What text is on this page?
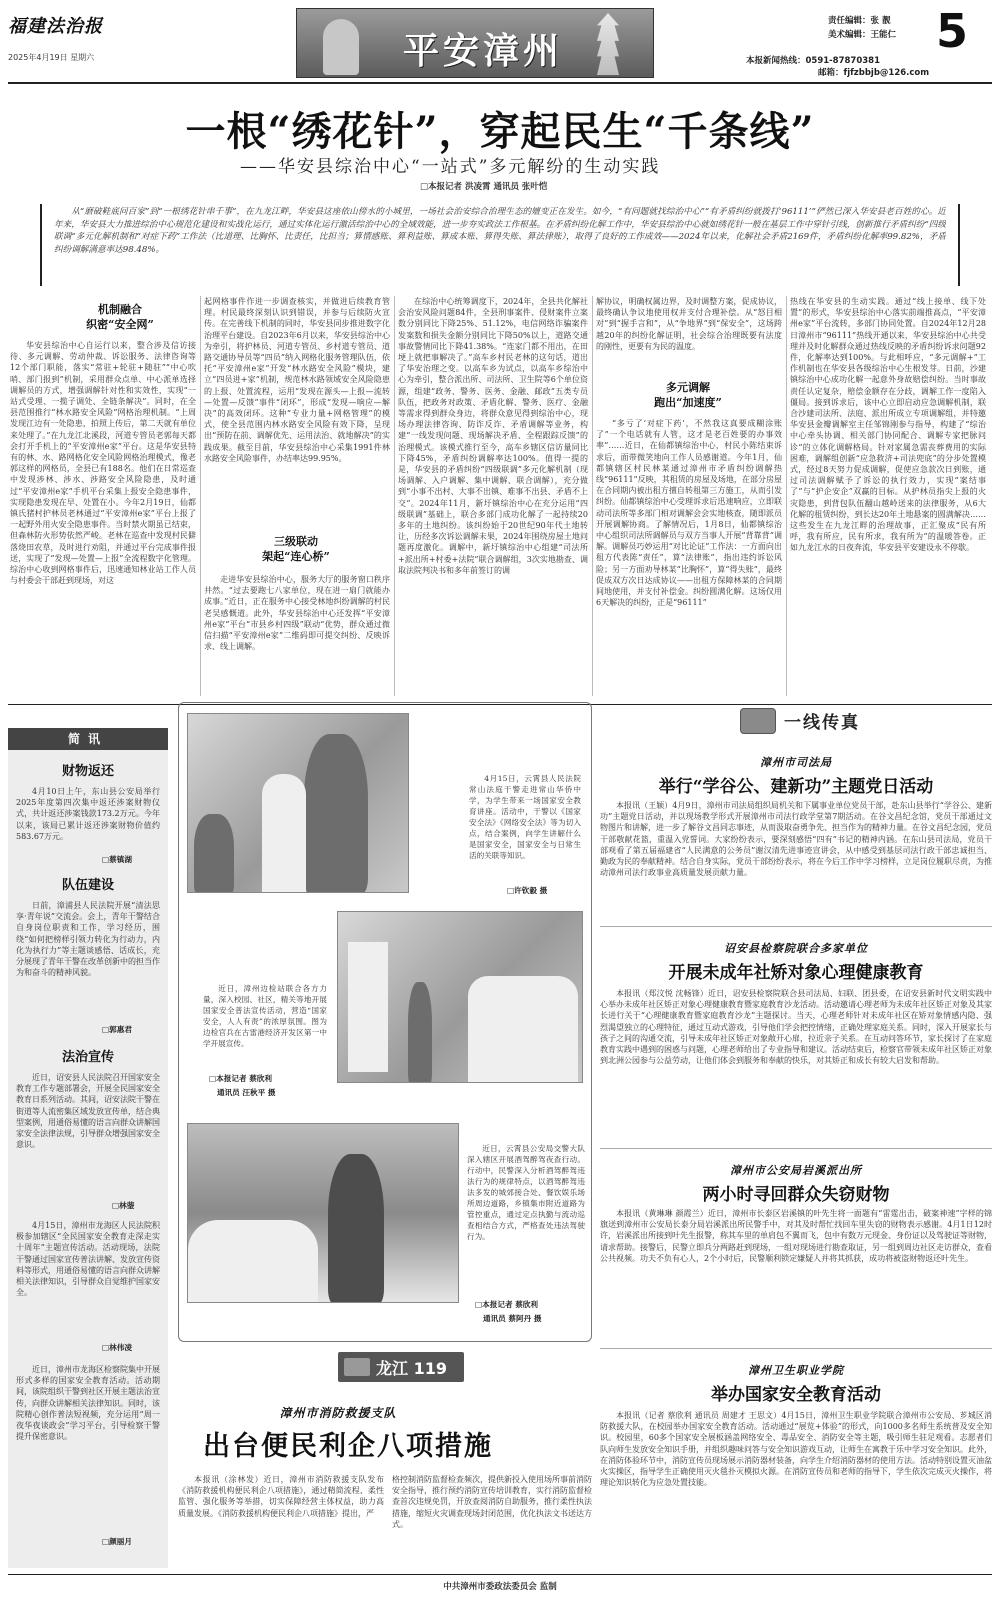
福建法治报
2025年4月19日 星期六	平安漳州
责任编辑：张 靓
美术编辑：王能仁 5
本报新闻热线：0591-87870381
邮箱：fjfzbbjb@126.com
一根“绣花针”，穿起民生“千条线”
——华安县综治中心“一站式”多元解纷的生动实践
□本报记者 洪凌霄 通讯员 张叶恺
从“磨破鞋底问百家”到“一根绣花针串千事”，在九龙江畔，华安县这座依山傍水的小城里，一场社会治安综合治理生态的嬗变正在发生。如今，“有问题就找综治中心”“有矛盾纠纷就拨打‘96111’”俨然已深入华安县老百姓的心。近年来，华安县大力推进综治中心规范化建设和实战化运行，通过实体化运行激活综治中心的全域效能，进一步夯实政法工作根基。在矛盾纠纷化解工作中，华安县综治中心就如绣花针一般在基层工作中穿针引线，创新推行矛盾纠纷“四级联调”多元化解机制和“对症下药”工作法（比道理、比胸怀、比责任，比担当；算情感账、算利益账、算成本账、算得失账、算法律账），取得了良好的工作成效——2024年以来，化解社会矛盾2169件，矛盾纠纷化解率99.82%，矛盾纠纷调解满意率达98.48%。
机制融合
织密“安全网”
华安县综治中心自运行以来，整合涉及信访接待、多元调解、劳动仲裁、诉讼服务、法律咨询等12个部门职能，落实“常驻+轮驻+随驻”“中心吹哨、部门报到”机制，采用群众点单、中心派单选择调解员的方式，增强调解针对性和实效性，实现“一站式受理、一揽子调处、全链条解决”。同时，在全县范围推行“林水路安全风险”网格治理机制。“上周发现江边有一处隐患，拍照上传后，第二天就有单位来处理了。”在九龙江北溪段，河道专管员老郭每天都会打开手机上的“平安漳州e家”平台。这是华安县特有的林、水、路网格化安全风险网格治理模式，像老郭这样的网格员，全县已有188名。他们在日常巡查中发现涉林、涉水、涉路安全风险隐患，及时通过“平安漳州e家”手机平台采集上报安全隐患事件，实现隐患发现在早、处置在小。今年2月19日，仙都镇氏猪村护林员老林通过“平安漳州e家”平台上报了一起野外用火安全隐患事件。当时禁火期虽已结束，但森林防火形势依然严峻。老林在巡查中发现村民僻落烧田农草，及时进行劝阻，并通过平台完成事件报送，实现了“发现—处置—上报”全流程数字化管理。综治中心收到网格事件后，迅速通知林业站工作人员与村委会干部赶到现场，对这
起网格事件作进一步调查核实，并做进后续教育管理。村民最终深刻认识到错误，并参与后续防火宣传。在完善线下机制的同时，华安县同步推进数字化治理平台建设。自2023年6月以来，华安县综治中心为牵引，将护林员、河道专管员、乡村道专管员、道路交通协导员等“四员”纳入网格化服务管理队伍，依托“平安漳州e家”开发“林水路安全风险”模块，建立“四员进+家”机制，规范林水路领域安全风险隐患的上报、处置流程，运用“发现在源头—上报—流转—处置—反馈”事件“闭环”，形成“发现—响应—解决”的高效闭环。这种“专业力量+网格管理”的模式，使全县范围内林水路安全风险有效下降，呈现出“预防在前、调解优先、运用法治、就地解决”的实践成果。截至目前，华安县综治中心采集1991件林水路安全风险事件，办结率达99.95%。
三级联动
架起“连心桥”
走进华安县综治中心，服务大厅的服务窗口秩序井然。“过去要跑七八家单位，现在进一扇门就能办成事。”近日，正在服务中心接受林地纠纷调解的村民老吴感慨道。此外，华安县综治中心还发挥“平安漳州e家”平台“市县乡村四级”联动“优势，群众通过微信扫描“平安漳州e家”二维码即可提交纠纷、反映诉求、线上调解。
在综治中心统筹调度下，2024年，全县共化解社会治安风险问题84件，全县刑事案件、侵财案件立案数分别同比下降25%、51.12%，电信网络诈骗案件发案数和损失金额分别同比下降50%以上，道路交通事故警情同比下降41.38%。“连家门都不用出，在田埂上就把事解决了。”高车乡村民老林的这句话，道出了华安治理之变。以高车乡为试点，以高车乡综治中心为牵引，整合派出所、司法所、卫生院等6个单位资源，组建“政务、警务、医务、金融、邮政”五类专员队伍，把政务对政策、矛盾化解、警务、医疗、金融等需求得到群众身边，将群众意见得到综治中心，现场办理法律咨询、防诈反诈、矛盾调解等业务，构建“一线发现问题、现场解决矛盾、全程跟踪反馈”的治理模式。该模式推行至今，高车乡辖区信访量同比下降45%，矛盾纠纷调解率达100%。值得一提的是，华安县的矛盾纠纷“四级联调”多元化解机制（现场调解、入户调解、集中调解、联合调解），充分做到“小事不出村、大事不出镇、难事不出县、矛盾不上交”。2024年11月，新圩镇综治中心在充分运用“四级联调”基础上，联合多部门成功化解了一起持续20多年的土地纠纷。该纠纷始于20世纪90年代土地转让，历经多次诉讼调解未果，2024年围绕房屋土地问题再度激化。调解中，新圩镇综治中心组建“司法所+派出所+村委+法院”联合调解组，3次实地勘查、调取法院判决书和多年前签订的调
解协议，明确权属边界，及时调整方案，促成协议，最终确认争议地使用权并支付合理补偿。从“怒目相对”到“握手言和”，从“争地界”到“保安全”，这场跨越20年的纠纷化解证明，社会综合治理既要有法度的刚性，更要有为民的温度。
多元调解
跑出“加速度”
“多亏了‘对症下药’，不然我这真要成糊涂账了”一个电话就有人管，这才是老百姓要的办事效率”……近日，在仙都镇综治中心，村民小陈结束诉求后，面带微笑地向工作人员感谢道。今年1月，仙都镇辖区村民林某通过漳州市矛盾纠纷调解热线“96111”反映，其租赁的房屋及场地，在部分房屋在合同期内被出租方擅自转租第三方施工，从而引发纠纷。仙都镇综治中心受理诉求后迅速响应，立即联动司法所等多部门相对调解会会实地核查，随即派员开展调解协商。了解情况后，1月8日，仙都镇综治中心组织司法所调解员与双方当事人开展“背靠背”调解。调解员巧妙运用“对比论证”工作法：一方面向出租方代表陈“责任”，算“法律账”，指出违约诉讼风险；另一方面劝导林某“比胸怀”，算“得失账”，最终促成双方次日达成协议——出租方保障林某的合同期间地使用，并支付补偿金。纠纷圆满化解。这场仅用6天解决的纠纷，正是“96111”
热线在华安县的生动实践。通过“线上接单、线下处置”的形式，华安县综治中心落实前端推高点，“平安漳州e家”平台流转，多部门协同处置。自2024年12月28日漳州市“96111”热线开通以来，华安县综治中心共受理并及时化解群众通过热线反映的矛盾纠纷诉求问题92件，化解率达到100%。与此相呼应，“多元调解+”工作机制也在华安县各级综治中心生根发芽。日前，沙建镇综治中心成功化解一起意外身故赔偿纠纷。当时事故责任认定复杂，赔偿金额存在分歧，调解工作一度陷入僵局。接到诉求后，该中心立即启动应急调解机制，联合沙建司法所、法庭、派出所成立专项调解组，并特邀华安县金瓣调解室主任邹锦刚参与指导，构建了“综治中心牵头协调、相关部门协同配合、调解专家把脉问诊”的立体化调解格局。针对家属急需丧葬费用的实际困难，调解组创新“应急救济+司法兜底”的分步处置模式，经过8天努力促成调解，促使应急款次日到账，通过司法调解赋予了诉讼的执行效力，实现“案结事了”与“护企安企”双赢的目标。从护林员指尖上报的火灾隐患，到背包队伍翻山越岭送来的法律服务，从6大化解的租赁纠纷，到长达20年土地悬案的圆满解决……这些发生在九龙江畔的治理故事，正汇聚成“民有所呼，我有所应，民有所求，我有所为”的温暖答卷。正如九龙江水的日夜奔流，华安县平安建设永不停歇。
简讯
财物返还
4月10日上午，东山县公安局举行2025年度第四次集中返还涉案财物仪式，共计返还涉案钱款173.2万元。今年以来，该局已累计返还涉案财物价值约583.67万元。
□蔡镇湖
队伍建设
日前，漳浦县人民法院开展“清法思享·青年说”交流会。会上，青年干警结合自身岗位职责和工作，学习经历，围绕“如何把榜样引领力转化为行动力，内化为执行力”等主题谈感悟、话成长，充分展现了青年干警在改革创新中的担当作为和奋斗的精神风貌。
□郭惠君
法治宣传
近日，诏安县人民法院召开国家安全教育工作专题部署会，开展全民国家安全教育日系列活动。其间，诏安法院干警在街道等人流密集区域发放宣传单，结合典型案例，用通俗易懂的语言向群众讲解国家安全法律法规，引导群众增强国家安全意识。
□林蓥
4月15日，漳州市龙海区人民法院积极参加辖区“全民国家安全教育走深走实十周年”主题宣传活动。活动现场，法院干警通过国家宣传普法讲解、发放宣传资料等形式，用通俗易懂的语言向群众讲解相关法律知识，引导群众自觉维护国家安全。
□林伟凌
近日，漳州市龙海区检察院集中开展形式多样的国家安全教育活动。活动期间，该院组织干警到社区开展主题法治宣传，向群众讲解相关法律知识。同时，该院精心创作普法短视频，充分运用“周一夜华夜谈政会”学习平台，引导检察干警提升保密意识。
□颜丽月
4月15日，云霄县人民法院常山法庭干警走进常山华侨中学，为学生带来一场国家安全教育讲座。活动中，干警以《国家安全法》《网络安全法》等为切入点，结合案例，向学生讲解什么是国家安全，国家安全与日常生活的关联等知识。
□许钦毅 摄
近日，漳州边检站联合各方力量，深入校园、社区，精关等地开展国家安全普法宣传活动，营造“国家安全，人人有责”的浓厚氛围。图为边检官兵在古雷港经济开发区第一中学开展宣传。
□本报记者 蔡欣利
通讯员 汪秋平 摄
近日，云霄县公安局交警大队深入辖区开展酒驾醉驾夜查行动。行动中，民警深入分析酒驾醉驾违法行为的规律特点，以酒驾醉驾违法多发的城郊接合处、餐饮娱乐场所周边道路，乡镇集市附近道路为管控重点，通过定点执勤与流动巡查相结合方式，严格查处违法驾驶行为。
□本报记者 蔡欣利
通讯员 蔡阿丹 摄
龙江 119
漳州市消防救援支队
出台便民利企八项措施
本报讯（涂林发）近日，漳州市消防救援支队发布《消防救援机构便民利企八项措施》，通过精简流程、柔性监管、强化服务等举措，切实保障经营主体权益，助力高质量发展。《消防救援机构便民利企八项措施》提出，严
格控制消防监督检查频次，提供新投入使用场所事前消防安全指导，推行预约消防宣传培训教育，实行消防监督检查首次违规免罚，开放查阅消防自助服务，推行柔性执法措施，缩短火灾调查现场封闭范围，优化执法文书送达方式。
一线传真
漳州市司法局
举行“学谷公、建新功”主题党日活动
本报讯（王颖）4月9日，漳州市司法局组织局机关和下属事业单位党员干部，赴东山县举行“学谷公、建新功”主题党日活动，并以现场教学形式开展漳州市司法行政学堂第7期活动。在谷文昌纪念馆，党员干部通过文物图片和讲解，进一步了解谷文昌同志事迹，从而汲取奋勇争先、担当作为的精神力量。在谷文昌纪念园，党员干部敬献花篮，重温入党誓词。大家纷纷表示，要深刻感悟“四有”书记的精神内涵。在东山县司法局，党员干部观看了第五届福建省“人民满意的公务员”谢汉清先进事迹宣讲会，从中感受到基层司法行政干部忠诚担当、勤政为民的奉献精神。结合自身实际，党员干部纷纷表示，将在今后工作中学习榜样，立足岗位履职尽责，为推动漳州司法行政事业高质量发展贡献力量。
诏安县检察院联合多家单位
开展未成年社矫对象心理健康教育
本报讯（郑汶悦 沈畅锋）近日，诏安县检察院联合县司法局、妇联、团县委，在诏安县新时代文明实践中心举办未成年社区矫正对象心理健康教育暨家庭教育沙龙活动。活动邀请心理老师为未成年社区矫正对象及其家长进行关于“心理健康教育暨家庭教育沙龙”主题探讨。当天，心理老师针对未成年社区在矫对象情感内隐、强烈渴望独立的心理特征，通过互动式游戏，引导他们学会把控情绪，正确处理家庭关系。同时，深入开展家长与孩子之间的沟通交流，引导未成年社区矫正对象敞开心扉，拉近亲子关系。在互动问答环节，家长探讨了在家庭教育实践中遇到的困惑与问题，心理老师给出了专业指导和建议。活动结束后，检察官带领未成年社区矫正对象到北洲公园参与公益劳动，让他们体会到服务和奉献的快乐，对其矫正和成长有较大启发和帮助。
漳州市公安局岩溪派出所
两小时寻回群众失窃财物
本报讯（黄琳琳 颜霞兰）近日，漳州市长泰区岩溪镇的叶先生将一面题有“雷霆出击，破案神速”字样的锦旗送到漳州市公安局长泰分局岩溪派出所民警手中，对其及时帮忙找回车里失窃的财物表示感谢。4月1日12时许，岩溪派出所接到叶先生报警，称其车里的单肩包不翼而飞，包中有数万元现金、身份证以及驾驶证等财物，请求帮助。接警后，民警立即兵分两路赶到现场，一组对现场进行勘查取证，另一组到周边社区走访群众，查看公共视频。功夫不负有心人，2个小时后，民警顺利锁定嫌疑人并将其抓获，成功将被盗财物返还叶先生。
漳州卫生职业学院
举办国家安全教育活动
本报讯（记者 蔡欣利 通讯员 周建才 王思文）4月15日，漳州卫生职业学院联合漳州市公安局、芗城区消防救援大队，在校园举办国家安全教育活动。活动通过“展览+体验”的形式，向1000多名师生系统普及安全知识。校园里，60多个国家安全展板涵盖网络安全、毒品安全、消防安全等主题，吸引师生驻足观看。志愿者们队向师生发放安全知识手册，并组织趣味问答与安全知识游戏互动，让师生在寓教于乐中学习安全知识。此外，在消防体验环节中，消防宣传员现场展示消防器材装备，向学生介绍消防器材的使用方法。活动特别设置灭油盆火实操区，指导学生正确使用灭火毯扑灭模拟火源。在消防宣传员和老师的指导下，学生依次完成灭火操作，将理论知识转化为应急处置技能。
中共漳州市委政法委员会 监制
